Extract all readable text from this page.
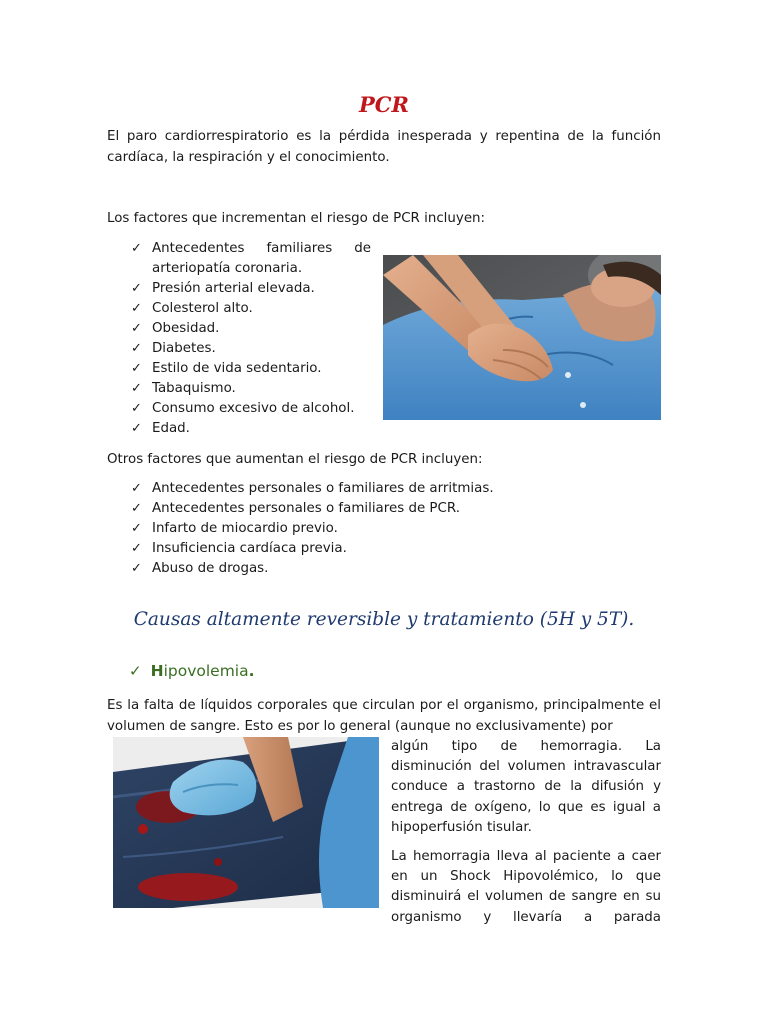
PCR

El paro cardiorrespiratorio es la pérdida inesperada y repentina de la función cardíaca, la respiración y el conocimiento.

Los factores que incrementan el riesgo de PCR incluyen:

✓ Antecedentes familiares de arteriopatía coronaria.
✓ Presión arterial elevada.
✓ Colesterol alto.
✓ Obesidad.
✓ Diabetes.
✓ Estilo de vida sedentario.
✓ Tabaquismo.
✓ Consumo excesivo de alcohol.
✓ Edad.

Otros factores que aumentan el riesgo de PCR incluyen:

✓ Antecedentes personales o familiares de arritmias.
✓ Antecedentes personales o familiares de PCR.
✓ Infarto de miocardio previo.
✓ Insuficiencia cardíaca previa.
✓ Abuso de drogas.
Causas altamente reversible y tratamiento (5H y 5T).
✓ Hipovolemia.

Es la falta de líquidos corporales que circulan por el organismo, principalmente el volumen de sangre. Esto es por lo general (aunque no exclusivamente) por

algún tipo de hemorragia. La disminución del volumen intravascular conduce a trastorno de la difusión y entrega de oxígeno, lo que es igual a hipoperfusión tisular.

La hemorragia lleva al paciente a caer en un Shock Hipovolémico, lo que disminuirá el volumen de sangre en su organismo y llevaría a parada
